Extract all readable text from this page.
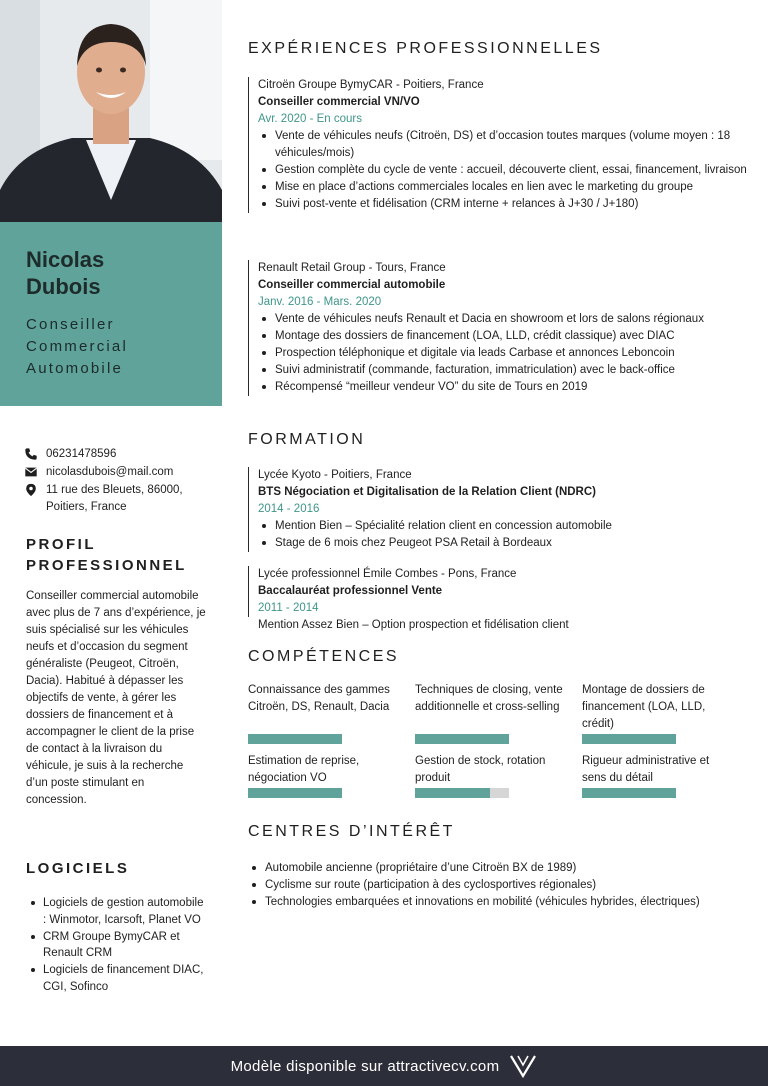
Nicolas
Dubois
Conseiller
Commercial
Automobile
06231478596
nicolasdubois@mail.com
11 rue des Bleuets, 86000,
Poitiers, France
PROFIL
PROFESSIONNEL

Conseiller commercial automobile avec plus de 7 ans d’expérience, je suis spécialisé sur les véhicules neufs et d’occasion du segment généraliste (Peugeot, Citroën, Dacia). Habitué à dépasser les objectifs de vente, à gérer les dossiers de financement et à accompagner le client de la prise de contact à la livraison du véhicule, je suis à la recherche d’un poste stimulant en concession.

LOGICIELS
Logiciels de gestion automobile : Winmotor, Icarsoft, Planet VO
CRM Groupe BymyCAR et Renault CRM
Logiciels de financement DIAC, CGI, Sofinco
EXPÉRIENCES PROFESSIONNELLES
Citroën Groupe BymyCAR - Poitiers, France
Conseiller commercial VN/VO
Avr. 2020 - En cours
Vente de véhicules neufs (Citroën, DS) et d’occasion toutes marques (volume moyen : 18 véhicules/mois)
Gestion complète du cycle de vente : accueil, découverte client, essai, financement, livraison
Mise en place d’actions commerciales locales en lien avec le marketing du groupe
Suivi post-vente et fidélisation (CRM interne + relances à J+30 / J+180)
Renault Retail Group - Tours, France
Conseiller commercial automobile
Janv. 2016 - Mars. 2020
Vente de véhicules neufs Renault et Dacia en showroom et lors de salons régionaux
Montage des dossiers de financement (LOA, LLD, crédit classique) avec DIAC
Prospection téléphonique et digitale via leads Carbase et annonces Leboncoin
Suivi administratif (commande, facturation, immatriculation) avec le back-office
Récompensé “meilleur vendeur VO” du site de Tours en 2019
FORMATION
Lycée Kyoto - Poitiers, France
BTS Négociation et Digitalisation de la Relation Client (NDRC)
2014 - 2016
Mention Bien – Spécialité relation client en concession automobile
Stage de 6 mois chez Peugeot PSA Retail à Bordeaux
Lycée professionnel Émile Combes - Pons, France
Baccalauréat professionnel Vente
2011 - 2014
Mention Assez Bien – Option prospection et fidélisation client
COMPÉTENCES
Connaissance des gammes Citroën, DS, Renault, Dacia
Techniques de closing, vente additionnelle et cross-selling
Montage de dossiers de financement (LOA, LLD, crédit)
Estimation de reprise, négociation VO
Gestion de stock, rotation produit
Rigueur administrative et sens du détail
CENTRES D’INTÉRÊT
Automobile ancienne (propriétaire d’une Citroën BX de 1989)
Cyclisme sur route (participation à des cyclosportives régionales)
Technologies embarquées et innovations en mobilité (véhicules hybrides, électriques)
Modèle disponible sur attractivecv.com
